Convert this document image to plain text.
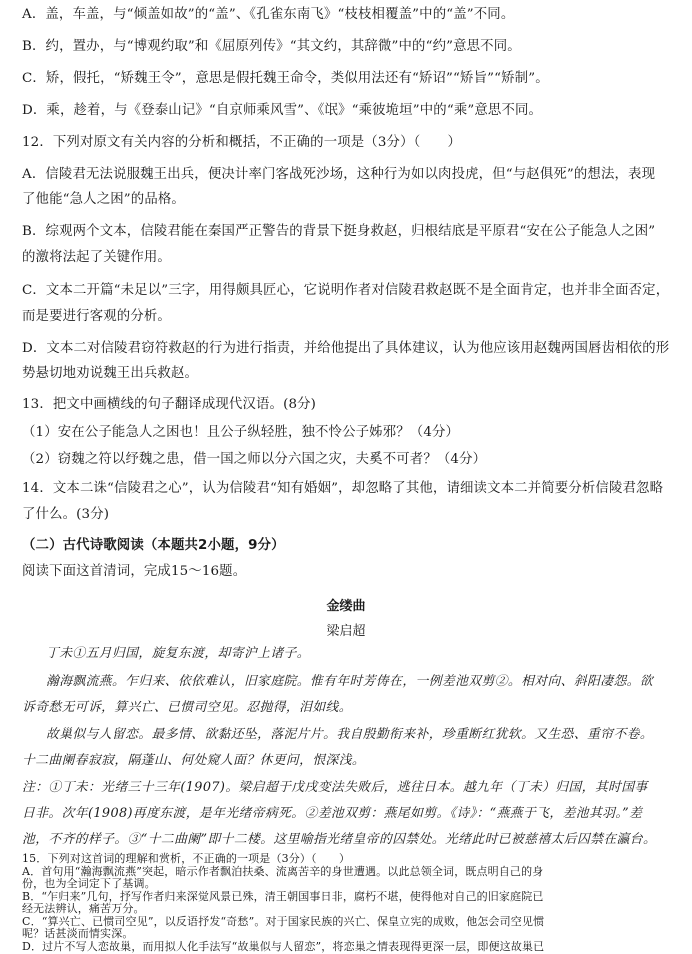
A．盖，车盖，与“倾盖如故”的“盖”、《孔雀东南飞》“枝枝相覆盖”中的“盖”不同。
B．约，置办，与“博观约取”和《屈原列传》“其文约，其辞微”中的“约”意思不同。
C．矫，假托，“矫魏王令”，意思是假托魏王命令，类似用法还有“矫诏”“矫旨”“矫制”。
D．乘，趁着，与《登泰山记》“自京师乘风雪”、《氓》“乘彼垝垣”中的“乘”意思不同。
12．下列对原文有关内容的分析和概括，不正确的一项是（3分）（　　）
A．信陵君无法说服魏王出兵，便决计率门客战死沙场，这种行为如以肉投虎，但“与赵俱死”的想法，表现
了他能“急人之困”的品格。
B．综观两个文本，信陵君能在秦国严正警告的背景下挺身救赵，归根结底是平原君“安在公子能急人之困”
的激将法起了关键作用。
C．文本二开篇“未足以”三字，用得颇具匠心，它说明作者对信陵君救赵既不是全面肯定，也并非全面否定，
而是要进行客观的分析。
D．文本二对信陵君窃符救赵的行为进行指责，并给他提出了具体建议，认为他应该用赵魏两国唇齿相依的形
势悬切地劝说魏王出兵救赵。
13．把文中画横线的句子翻译成现代汉语。(8分)
（1）安在公子能急人之困也！且公子纵轻胜，独不怜公子姊邪？（4分）
（2）窃魏之符以纾魏之患，借一国之师以分六国之灾，夫奚不可者？（4分）
14．文本二诛“信陵君之心”，认为信陵君“知有婚姻”，却忽略了其他，请细读文本二并简要分析信陵君忽略
了什么。(3分)
（二）古代诗歌阅读（本题共2小题，9分）
阅读下面这首清词，完成15～16题。
金缕曲
梁启超
丁未①五月归国，旋复东渡，却寄沪上诸子。
瀚海飘流燕。乍归来、依依难认，旧家庭院。惟有年时芳俦在，一例差池双剪②。相对向、斜阳凄怨。欲
诉奇愁无可诉，算兴亡、已惯司空见。忍抛得，泪如线。
故巢似与人留恋。最多情、欲黏还坠，落泥片片。我自殷勤衔来补，珍重断红犹软。又生恐、重帘不卷。
十二曲阑春寂寂，隔蓬山、何处窥人面？休更问，恨深浅。
注：①丁未：光绪三十三年(1907)。梁启超于戊戌变法失败后，逃往日本。越九年（丁未）归国，其时国事
日非。次年(1908)再度东渡，是年光绪帝病死。②差池双剪：燕尾如剪。《诗》：“燕燕于飞，差池其羽。”差
池，不齐的样子。③“十二曲阑”即十二楼。这里喻指光绪皇帝的囚禁处。光绪此时已被慈禧太后囚禁在瀛台。
15．下列对这首词的理解和赏析，不正确的一项是（3分）（　　）
A．首句用“瀚海飘流燕”突起，暗示作者飘泊扶桑、流离苦辛的身世遭遇。以此总领全词，既点明自己的身
份，也为全词定下了基调。
B．“乍归来”几句，抒写作者归来深觉风景已殊，清王朝国事日非，腐朽不堪，使得他对自己的旧家庭院已
经无法辨认，痛苦万分。
C．“算兴亡、已惯司空见”，以反语抒发“奇愁”。对于国家民族的兴亡、保皇立宪的成败，他怎会司空见惯
呢？话甚淡而情实深。
D．过片不写人恋故巢，而用拟人化手法写“故巢似与人留恋”，将恋巢之情表现得更深一层，即便这故巢已
